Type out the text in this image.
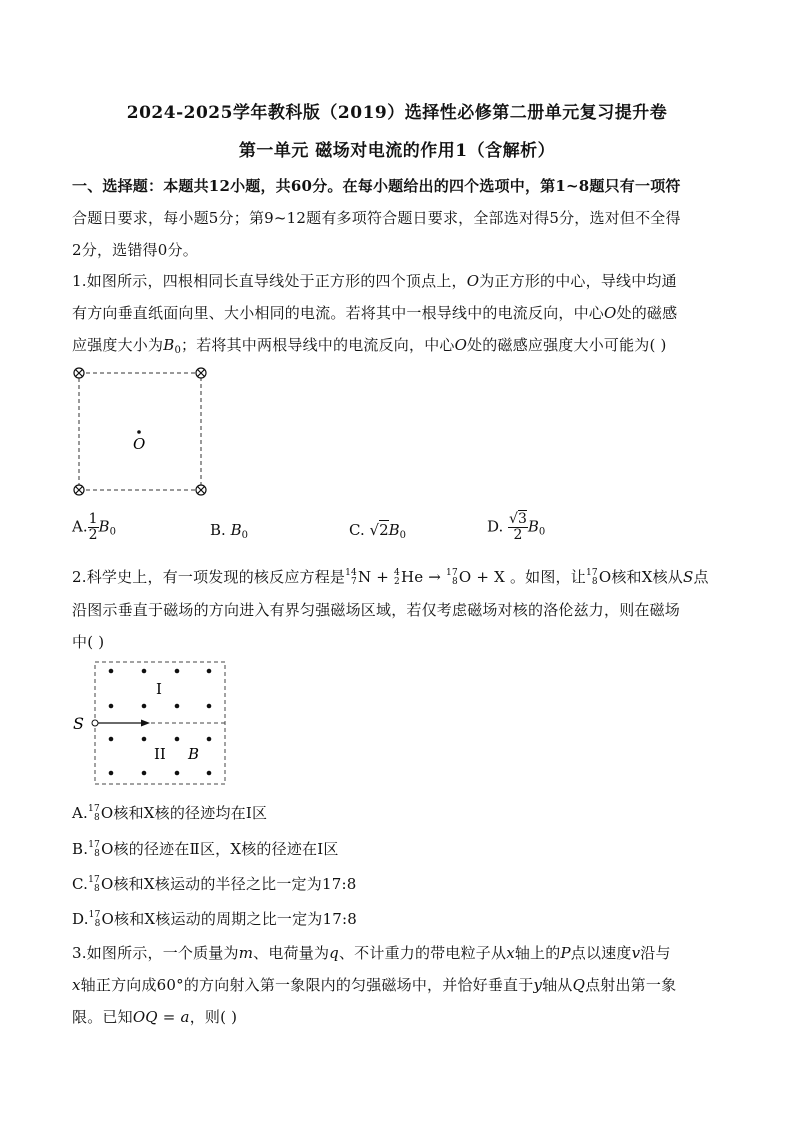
2024-2025学年教科版（2019）选择性必修第二册单元复习提升卷
第一单元 磁场对电流的作用1（含解析）
一、选择题：本题共12小题，共60分。在每小题给出的四个选项中，第1~8题只有一项符
合题日要求，每小题5分；第9~12题有多项符合题日要求，全部选对得5分，选对但不全得
2分，选错得0分。
1.如图所示，四根相同长直导线处于正方形的四个顶点上，O为正方形的中心，导线中均通
有方向垂直纸面向里、大小相同的电流。若将其中一根导线中的电流反向，中心O处的磁感
应强度大小为$B_0$；若将其中两根导线中的电流反向，中心O处的磁感应强度大小可能为( )
O
A. $\frac{1}{2} B_0$	B. $B_0$	C. $√2B_0$	D. $\frac{√3}{2} B_0$
2.科学史上，有一项发现的核反应方程是 14
7 N + 4
2 He → 17
8 O + X 。如图，让 17
8 O核和X核从S点
沿图示垂直于磁场的方向进入有界匀强磁场区域，若仅考虑磁场对核的洛伦兹力，则在磁场
中( )
S
I
II B
A. 17
8 O核和X核的径迹均在Ⅰ区
B. 17
8 O核的径迹在Ⅱ区，X核的径迹在Ⅰ区
C. 17
8 O核和X核运动的半径之比一定为17:8
D. 17
8 O核和X核运动的周期之比一定为17:8
3.如图所示，一个质量为m、电荷量为q、不计重力的带电粒子从x轴上的P点以速度v沿与
x轴正方向成60°的方向射入第一象限内的匀强磁场中，并恰好垂直于y轴从Q点射出第一象
限。已知OQ = a，则( )
